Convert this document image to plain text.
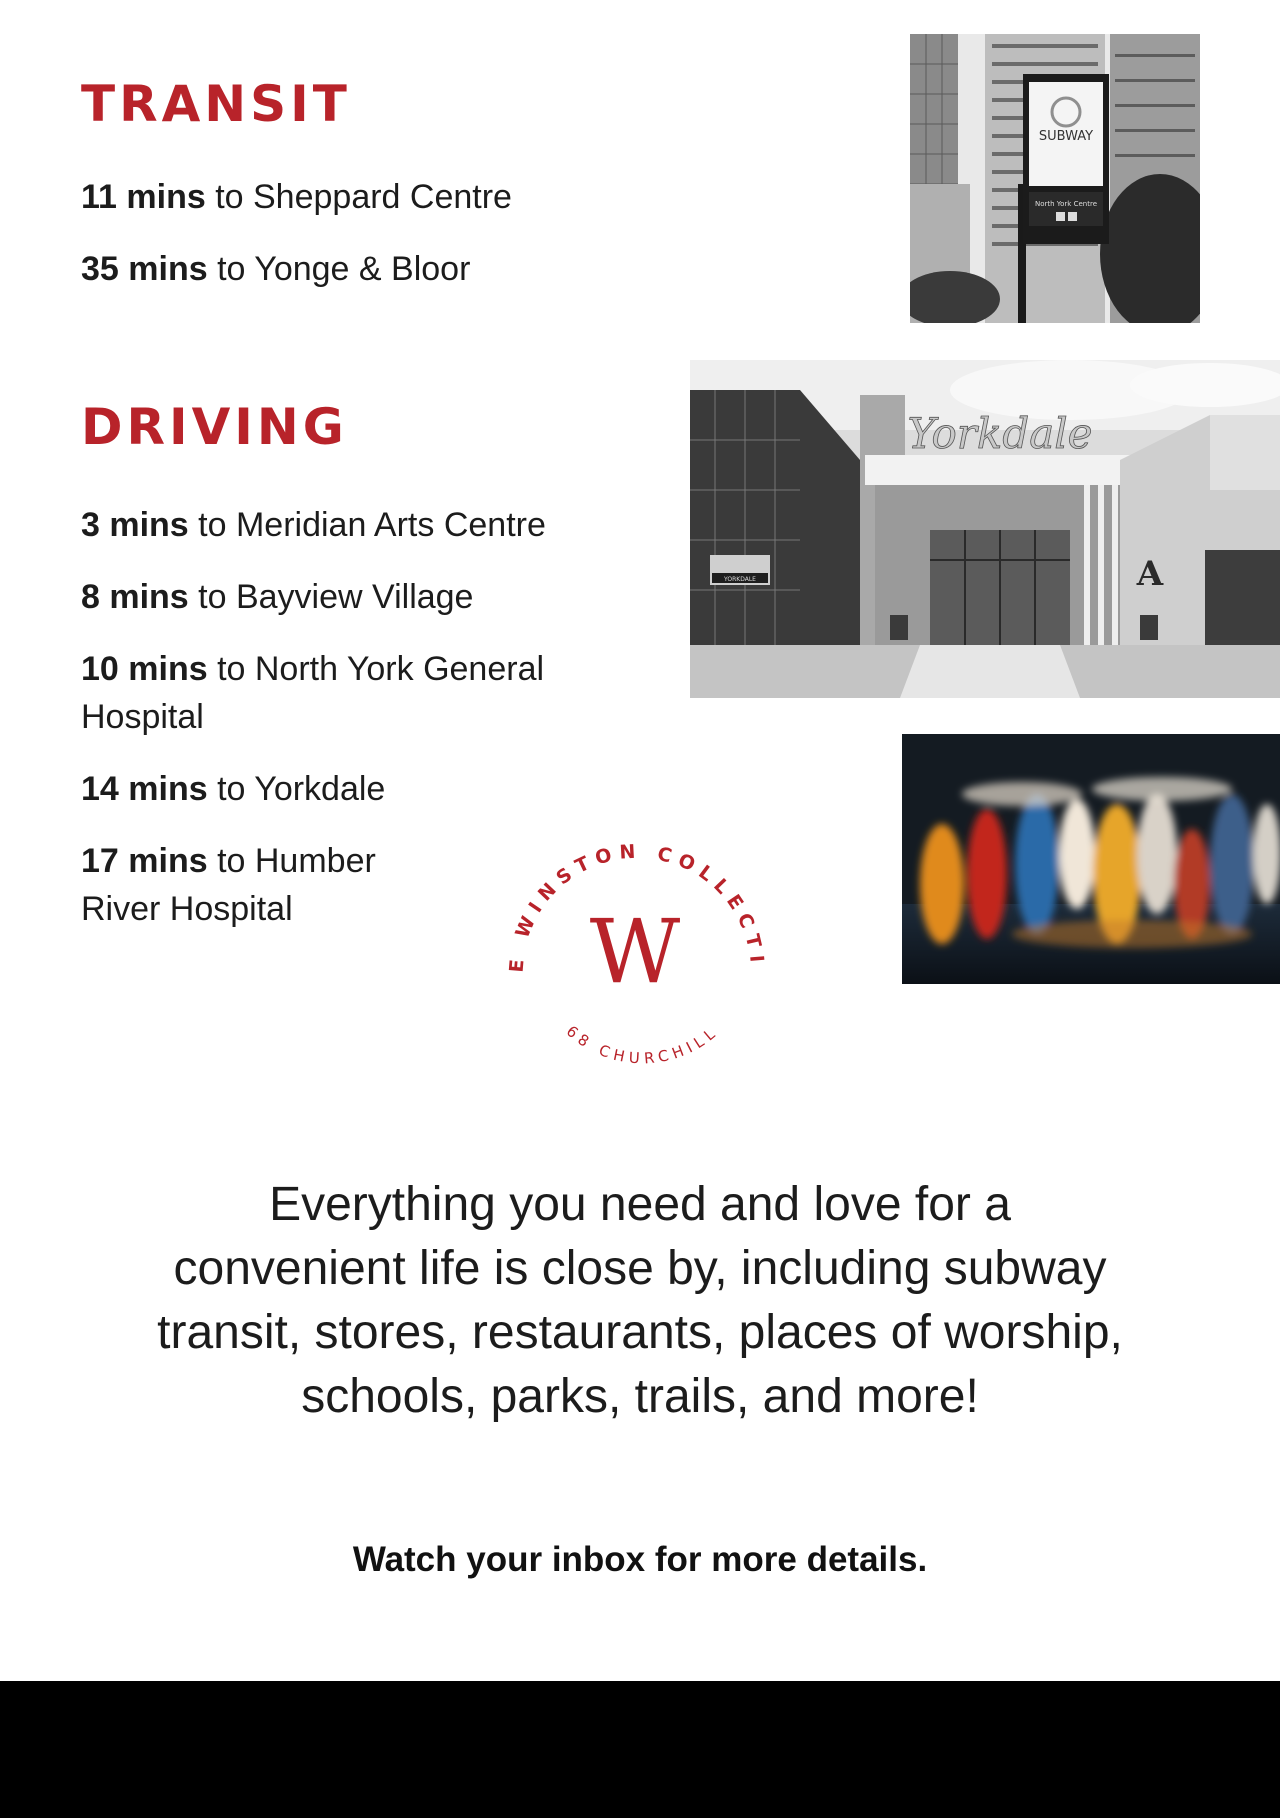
TRANSIT

11 mins to Sheppard Centre

35 mins to Yonge & Bloor

DRIVING

3 mins to Meridian Arts Centre

8 mins to Bayview Village

10 mins to North York General
Hospital

14 mins to Yorkdale

17 mins to Humber
River Hospital

SUBWAY
North York Centre
YORKDALE
Yorkdale
A
E WINSTON COLLECT
68 CHURCHILL
W

Everything you need and love for a
convenient life is close by, including subway
transit, stores, restaurants, places of worship,
schools, parks, trails, and more!

Watch your inbox for more details.
